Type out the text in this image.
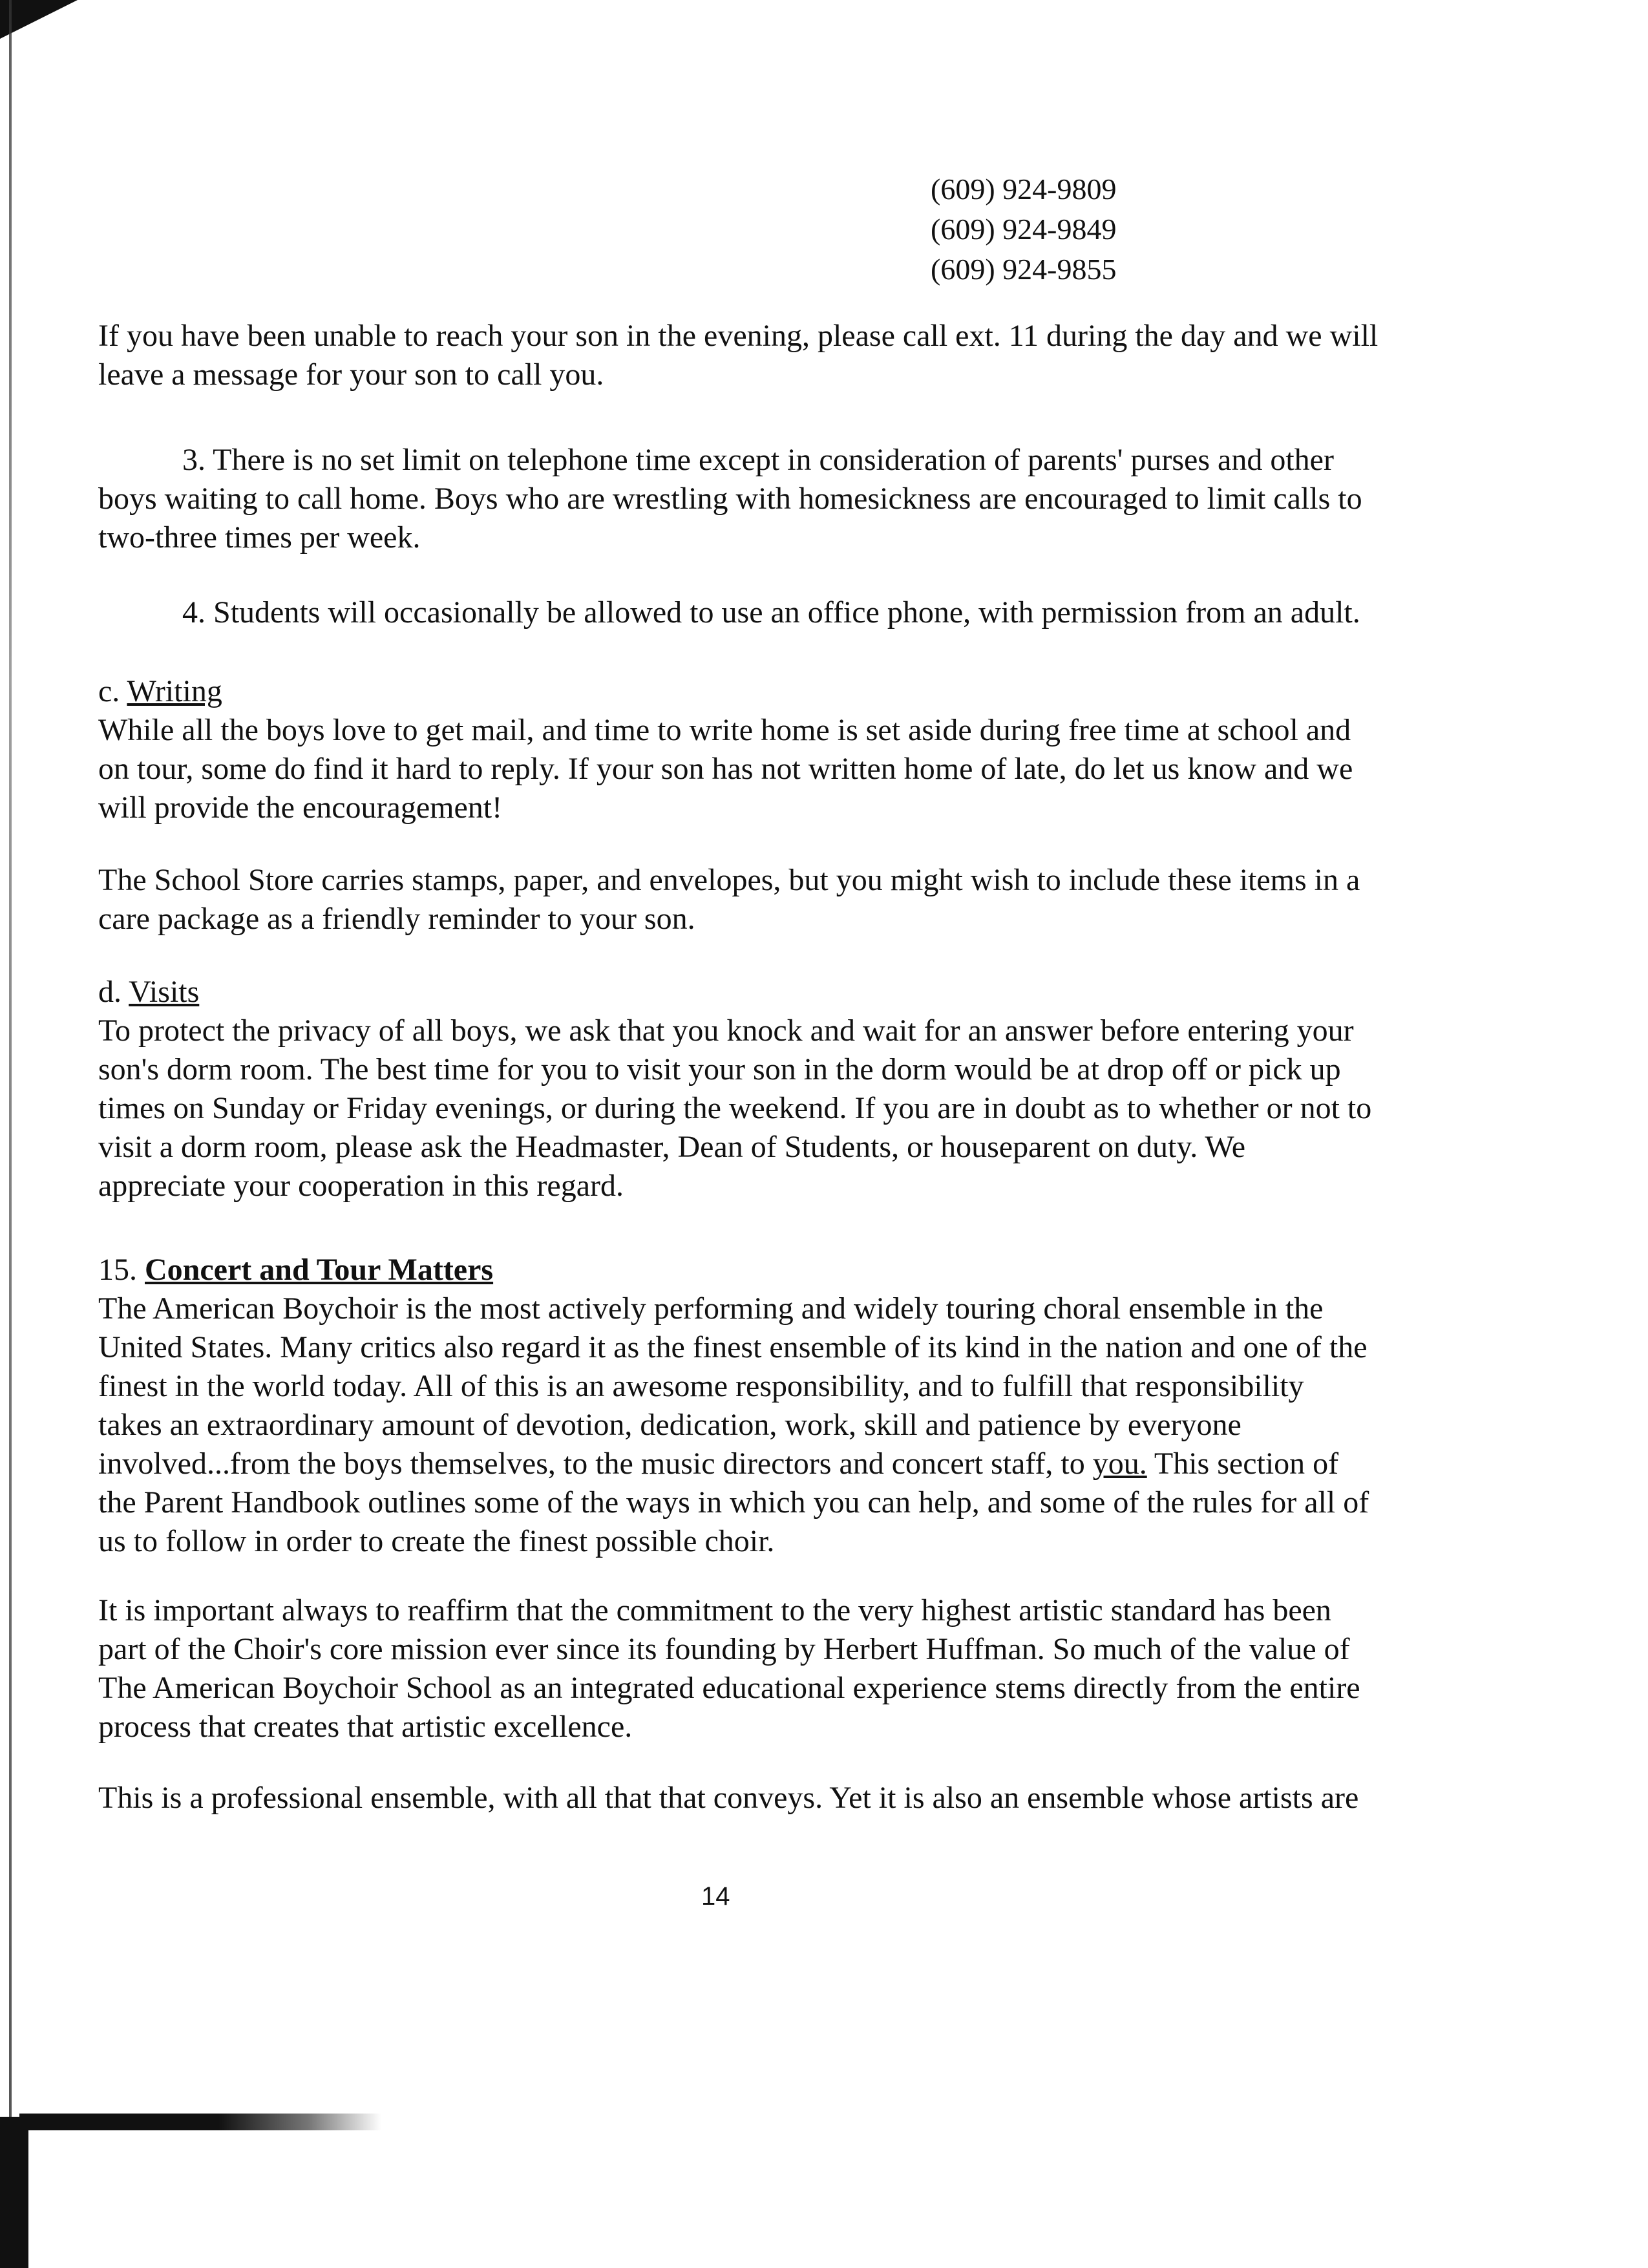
(609) 924-9809
(609) 924-9849
(609) 924-9855
If you have been unable to reach your son in the evening, please call ext. 11 during the day and we will
leave a message for your son to call you.
3. There is no set limit on telephone time except in consideration of parents' purses and other
boys waiting to call home. Boys who are wrestling with homesickness are encouraged to limit calls to
two-three times per week.
4. Students will occasionally be allowed to use an office phone, with permission from an adult.
c. Writing
While all the boys love to get mail, and time to write home is set aside during free time at school and
on tour, some do find it hard to reply. If your son has not written home of late, do let us know and we
will provide the encouragement!
The School Store carries stamps, paper, and envelopes, but you might wish to include these items in a
care package as a friendly reminder to your son.
d. Visits
To protect the privacy of all boys, we ask that you knock and wait for an answer before entering your
son's dorm room. The best time for you to visit your son in the dorm would be at drop off or pick up
times on Sunday or Friday evenings, or during the weekend. If you are in doubt as to whether or not to
visit a dorm room, please ask the Headmaster, Dean of Students, or houseparent on duty. We
appreciate your cooperation in this regard.
15. Concert and Tour Matters
The American Boychoir is the most actively performing and widely touring choral ensemble in the
United States. Many critics also regard it as the finest ensemble of its kind in the nation and one of the
finest in the world today. All of this is an awesome responsibility, and to fulfill that responsibility
takes an extraordinary amount of devotion, dedication, work, skill and patience by everyone
involved...from the boys themselves, to the music directors and concert staff, to you. This section of
the Parent Handbook outlines some of the ways in which you can help, and some of the rules for all of
us to follow in order to create the finest possible choir.
It is important always to reaffirm that the commitment to the very highest artistic standard has been
part of the Choir's core mission ever since its founding by Herbert Huffman. So much of the value of
The American Boychoir School as an integrated educational experience stems directly from the entire
process that creates that artistic excellence.
This is a professional ensemble, with all that that conveys. Yet it is also an ensemble whose artists are
14
